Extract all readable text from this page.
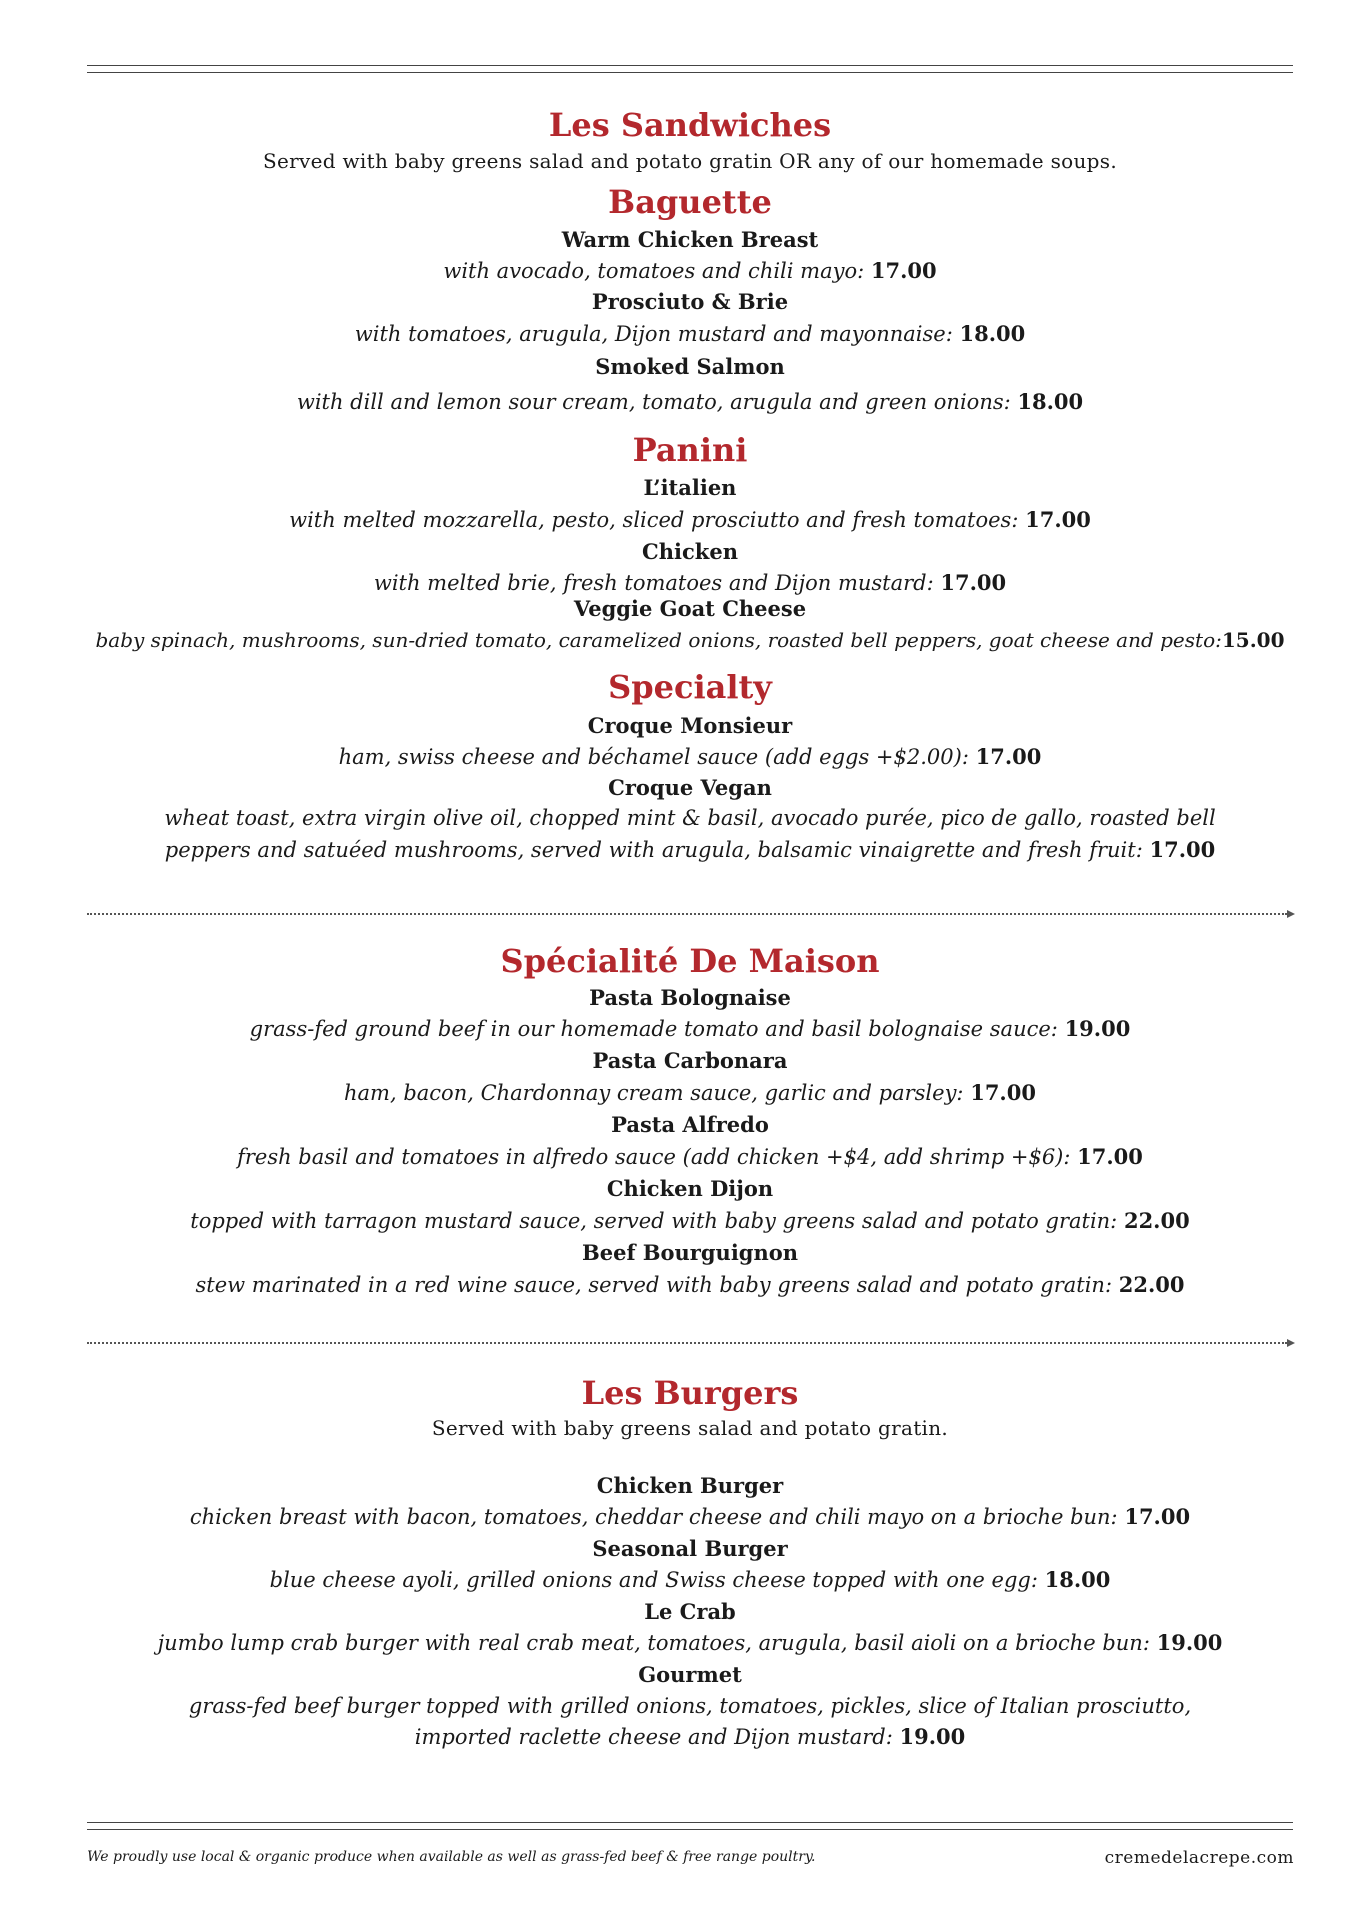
Les Sandwiches
Served with baby greens salad and potato gratin OR any of our homemade soups.
Baguette
Warm Chicken Breast
with avocado, tomatoes and chili mayo: 17.00
Prosciuto & Brie
with tomatoes, arugula, Dijon mustard and mayonnaise: 18.00
Smoked Salmon
with dill and lemon sour cream, tomato, arugula and green onions: 18.00
Panini
L’italien
with melted mozzarella, pesto, sliced prosciutto and fresh tomatoes: 17.00
Chicken
with melted brie, fresh tomatoes and Dijon mustard: 17.00
Veggie Goat Cheese
baby spinach, mushrooms, sun-dried tomato, caramelized onions, roasted bell peppers, goat cheese and pesto:15.00
Specialty
Croque Monsieur
ham, swiss cheese and béchamel sauce (add eggs +$2.00): 17.00
Croque Vegan
wheat toast, extra virgin olive oil, chopped mint & basil, avocado purée, pico de gallo, roasted bell
peppers and satuéed mushrooms, served with arugula, balsamic vinaigrette and fresh fruit: 17.00
Spécialité De Maison
Pasta Bolognaise
grass-fed ground beef in our homemade tomato and basil bolognaise sauce: 19.00
Pasta Carbonara
ham, bacon, Chardonnay cream sauce, garlic and parsley: 17.00
Pasta Alfredo
fresh basil and tomatoes in alfredo sauce (add chicken +$4, add shrimp +$6): 17.00
Chicken Dijon
topped with tarragon mustard sauce, served with baby greens salad and potato gratin: 22.00
Beef Bourguignon
stew marinated in a red wine sauce, served with baby greens salad and potato gratin: 22.00
Les Burgers
Served with baby greens salad and potato gratin.
Chicken Burger
chicken breast with bacon, tomatoes, cheddar cheese and chili mayo on a brioche bun: 17.00
Seasonal Burger
blue cheese ayoli, grilled onions and Swiss cheese topped with one egg: 18.00
Le Crab
jumbo lump crab burger with real crab meat, tomatoes, arugula, basil aioli on a brioche bun: 19.00
Gourmet
grass-fed beef burger topped with grilled onions, tomatoes, pickles, slice of Italian prosciutto,
imported raclette cheese and Dijon mustard: 19.00
We proudly use local & organic produce when available as well as grass-fed beef & free range poultry.	cremedelacrepe.com
